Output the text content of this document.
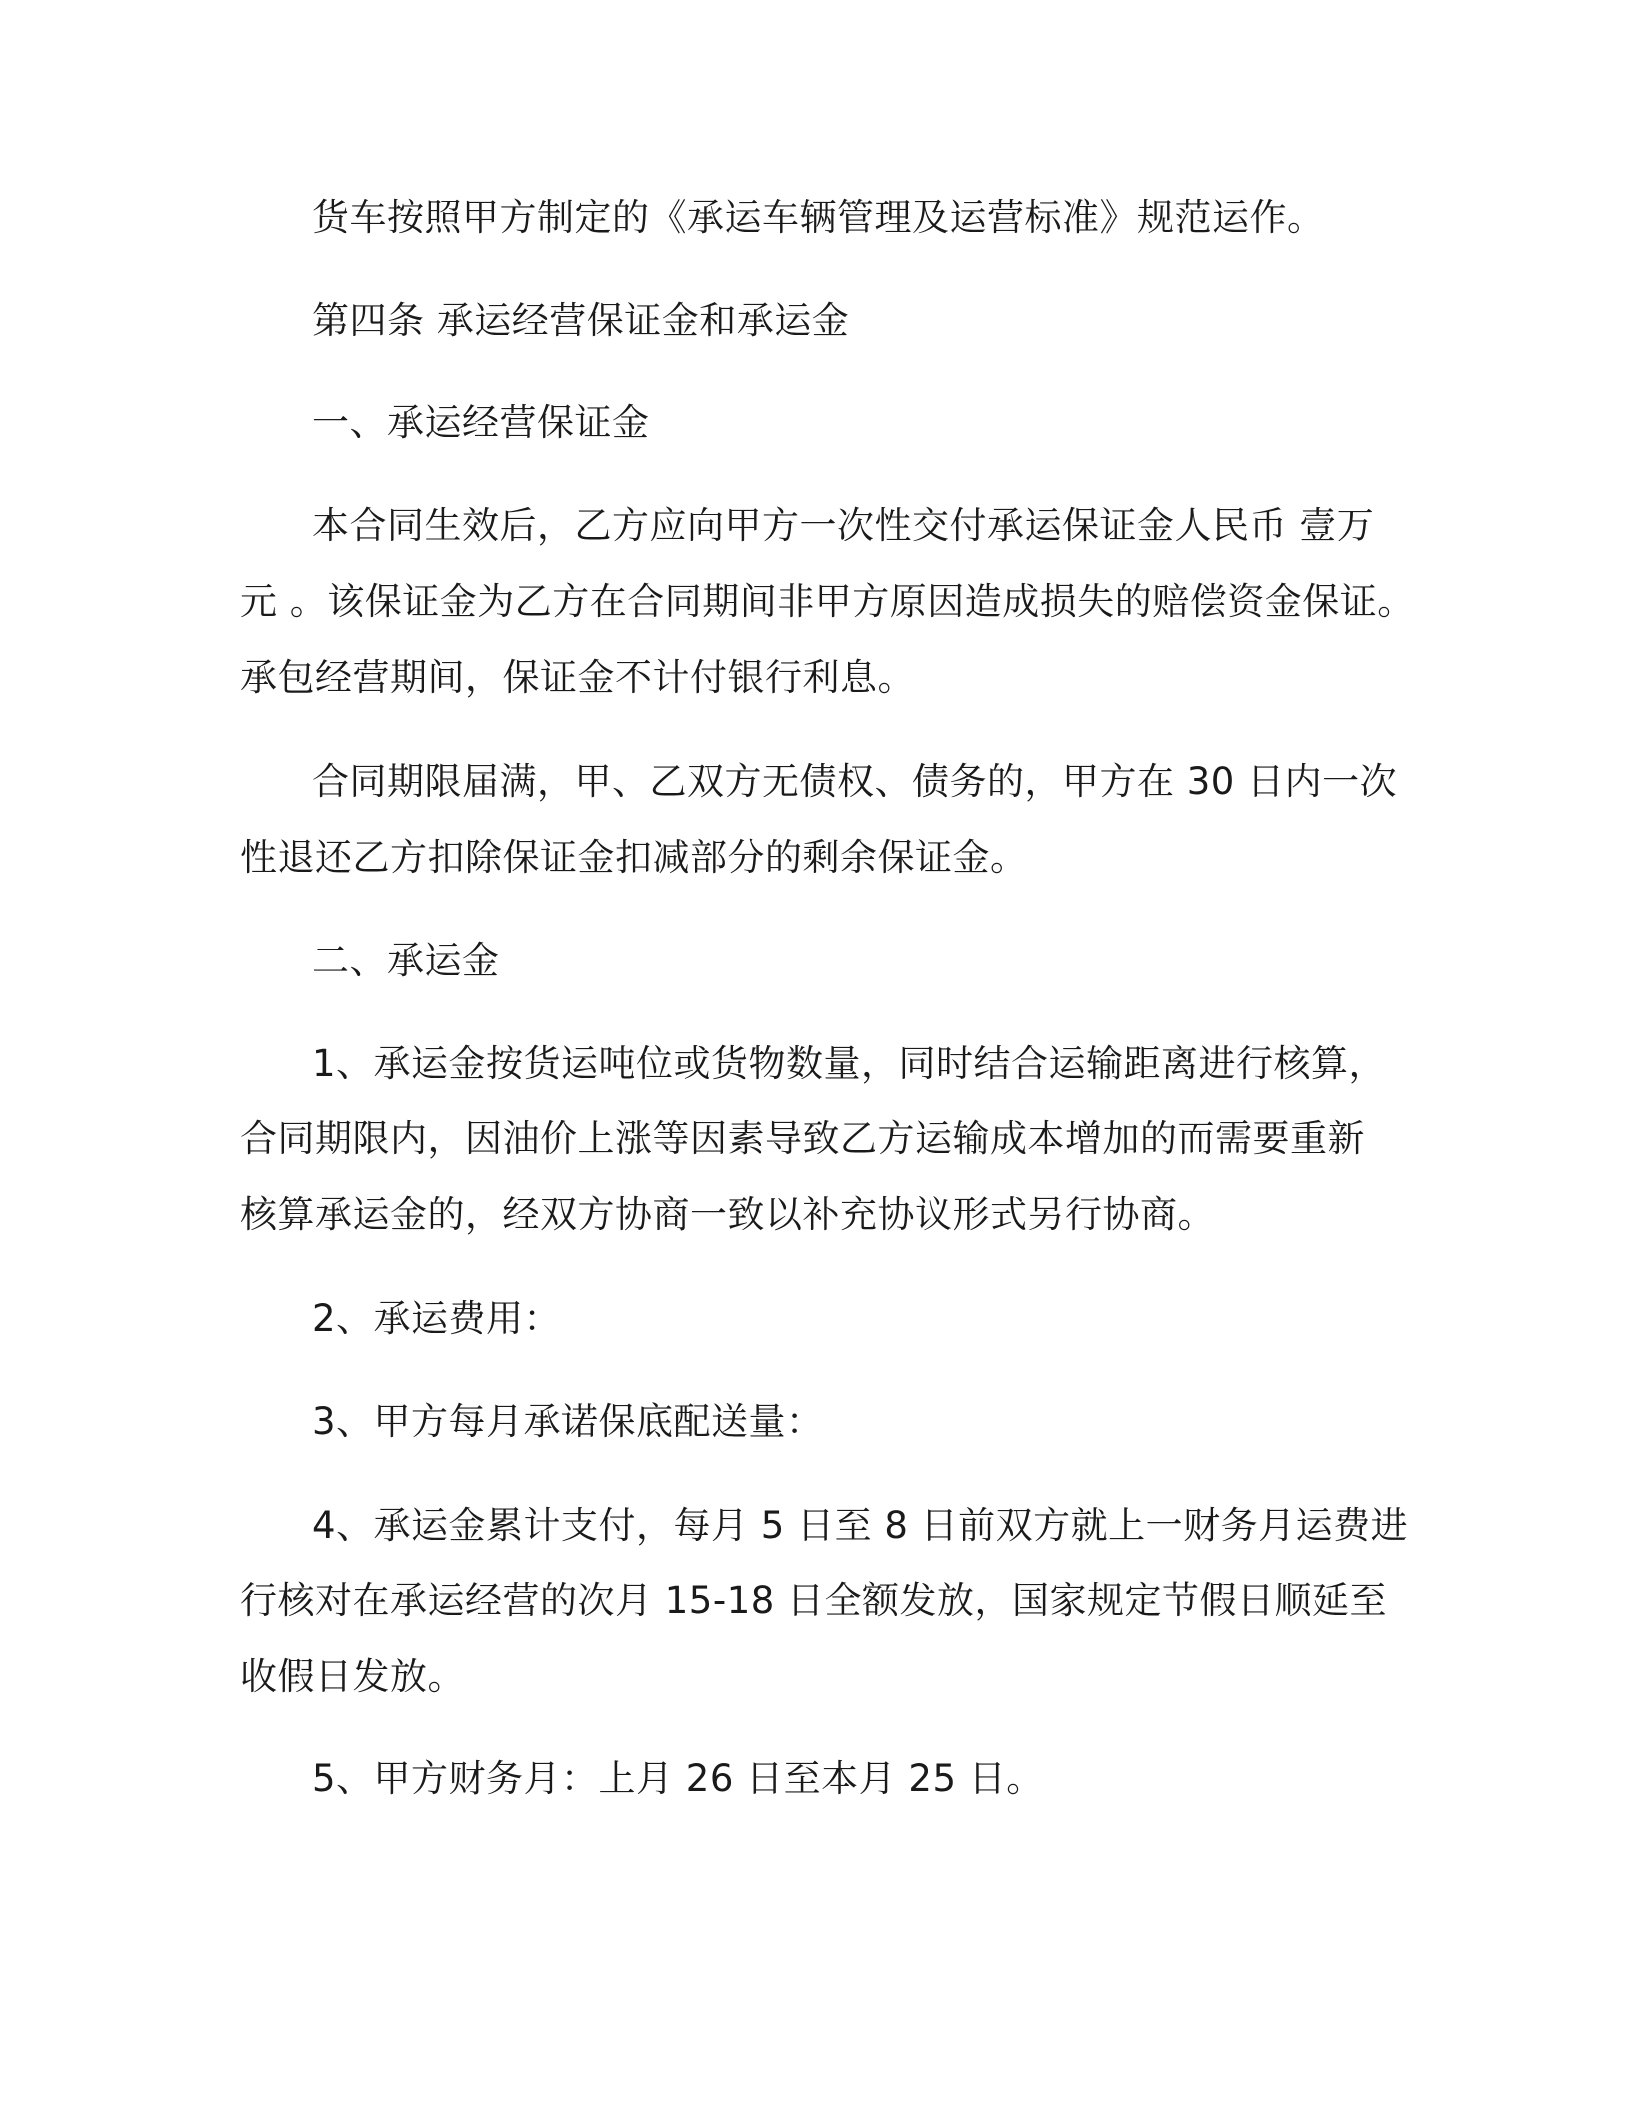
货车按照甲方制定的《承运车辆管理及运营标准》规范运作。
第四条 承运经营保证金和承运金
一、承运经营保证金
本合同生效后，乙方应向甲方一次性交付承运保证金人民币 壹万
元 。该保证金为乙方在合同期间非甲方原因造成损失的赔偿资金保证。
承包经营期间，保证金不计付银行利息。
合同期限届满，甲、乙双方无债权、债务的，甲方在 30 日内一次
性退还乙方扣除保证金扣减部分的剩余保证金。
二、承运金
1、承运金按货运吨位或货物数量，同时结合运输距离进行核算，
合同期限内，因油价上涨等因素导致乙方运输成本增加的而需要重新
核算承运金的，经双方协商一致以补充协议形式另行协商。
2、承运费用：
3、甲方每月承诺保底配送量：
4、承运金累计支付，每月 5 日至 8 日前双方就上一财务月运费进
行核对在承运经营的次月 15-18 日全额发放，国家规定节假日顺延至
收假日发放。
5、甲方财务月：上月 26 日至本月 25 日。
